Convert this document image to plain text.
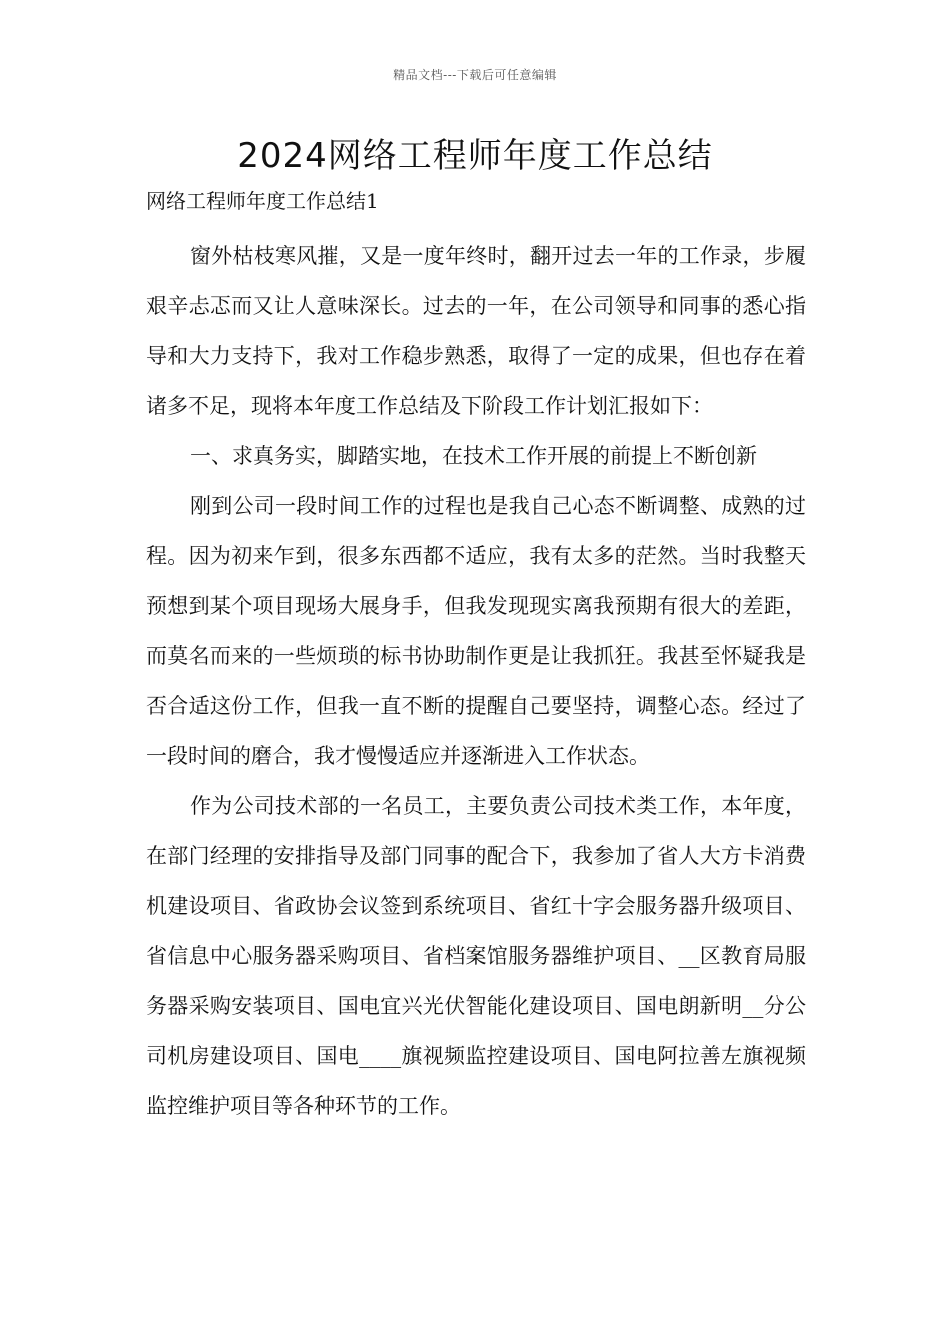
精品文档---下载后可任意编辑
2024网络工程师年度工作总结
网络工程师年度工作总结1

窗外枯枝寒风摧，又是一度年终时，翻开过去一年的工作录，步履艰辛忐忑而又让人意味深长。过去的一年，在公司领导和同事的悉心指导和大力支持下，我对工作稳步熟悉，取得了一定的成果，但也存在着诸多不足，现将本年度工作总结及下阶段工作计划汇报如下：

一、求真务实，脚踏实地，在技术工作开展的前提上不断创新

刚到公司一段时间工作的过程也是我自己心态不断调整、成熟的过程。因为初来乍到，很多东西都不适应，我有太多的茫然。当时我整天预想到某个项目现场大展身手，但我发现现实离我预期有很大的差距，而莫名而来的一些烦琐的标书协助制作更是让我抓狂。我甚至怀疑我是否合适这份工作，但我一直不断的提醒自己要坚持，调整心态。经过了一段时间的磨合，我才慢慢适应并逐渐进入工作状态。

作为公司技术部的一名员工，主要负责公司技术类工作，本年度，在部门经理的安排指导及部门同事的配合下，我参加了省人大方卡消费机建设项目、省政协会议签到系统项目、省红十字会服务器升级项目、省信息中心服务器采购项目、省档案馆服务器维护项目、__区教育局服务器采购安装项目、国电宜兴光伏智能化建设项目、国电朗新明__分公司机房建设项目、国电____旗视频监控建设项目、国电阿拉善左旗视频监控维护项目等各种环节的工作。
